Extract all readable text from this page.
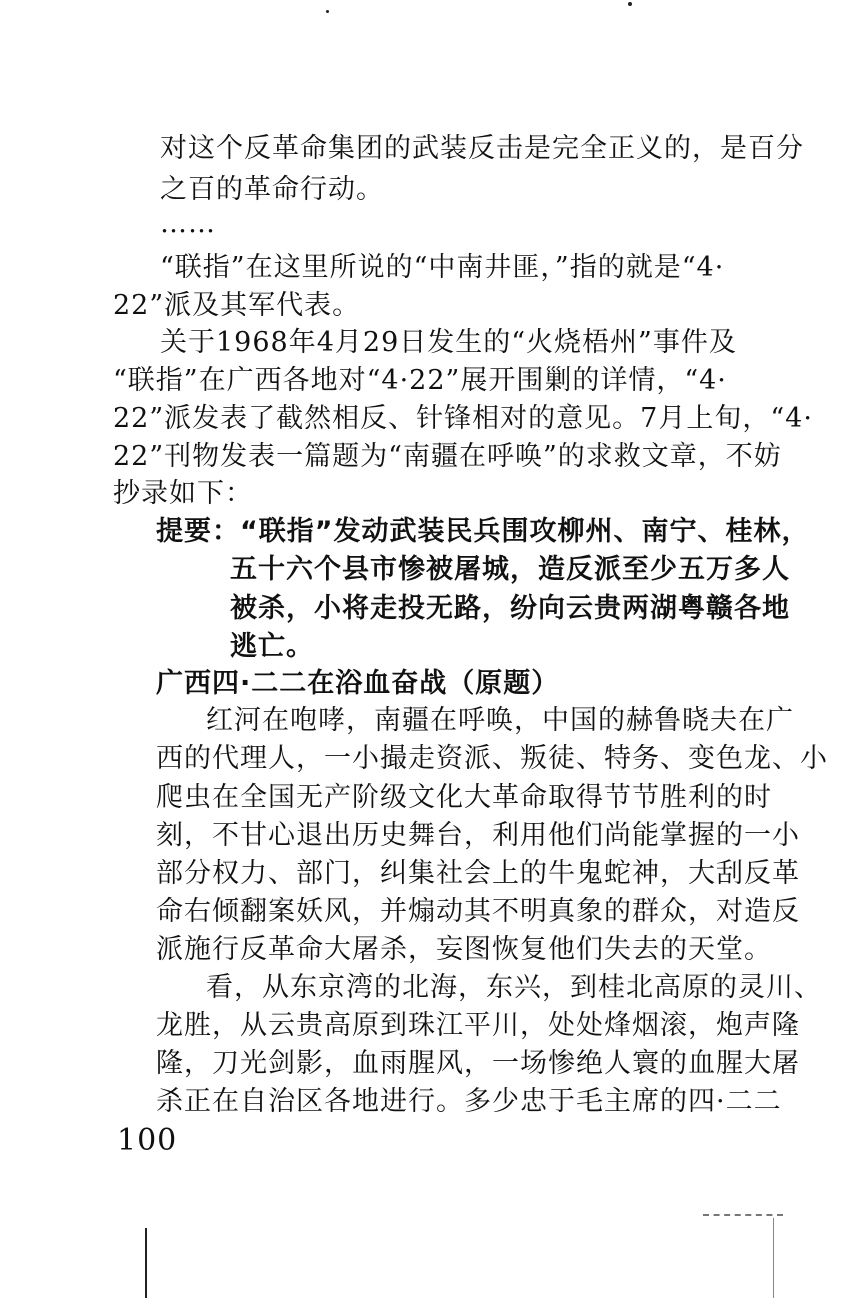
对这个反革命集团的武装反击是完全正义的，是百分

之百的革命行动。

……

“联指”在这里所说的“中南井匪，”指的就是“4·

22”派及其军代表。

关于1968年4月29日发生的“火烧梧州”事件及

“联指”在广西各地对“4·22”展开围剿的详情，“4·

22”派发表了截然相反、针锋相对的意见。7月上旬，“4·

22”刊物发表一篇题为“南疆在呼唤”的求救文章，不妨

抄录如下：

提要：“联指”发动武装民兵围攻柳州、南宁、桂林，

五十六个县市惨被屠城，造反派至少五万多人

被杀，小将走投无路，纷向云贵两湖粤赣各地

逃亡。

广西四·二二在浴血奋战（原题）

红河在咆哮，南疆在呼唤，中国的赫鲁晓夫在广

西的代理人，一小撮走资派、叛徒、特务、变色龙、小

爬虫在全国无产阶级文化大革命取得节节胜利的时

刻，不甘心退出历史舞台，利用他们尚能掌握的一小

部分权力、部门，纠集社会上的牛鬼蛇神，大刮反革

命右倾翻案妖风，并煽动其不明真象的群众，对造反

派施行反革命大屠杀，妄图恢复他们失去的天堂。

看，从东京湾的北海，东兴，到桂北高原的灵川、

龙胜，从云贵高原到珠江平川，处处烽烟滚，炮声隆

隆，刀光剑影，血雨腥风，一场惨绝人寰的血腥大屠

杀正在自治区各地进行。多少忠于毛主席的四·二二

100
